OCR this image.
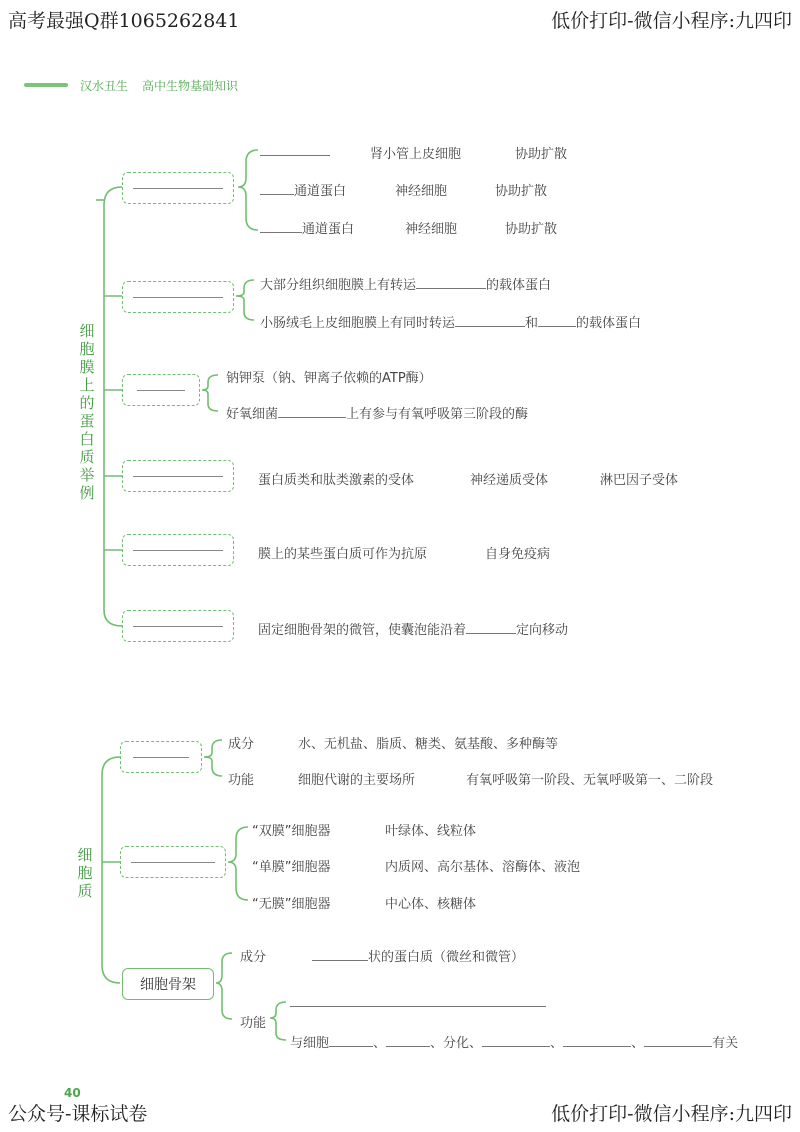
高考最强Q群1065262841	低价打印-微信小程序:九四印
公众号-课标试卷	低价打印-微信小程序:九四印
汉水丑生 高中生物基础知识
细胞膜上的蛋白质举例
肾小管上皮细胞	协助扩散
通道蛋白	神经细胞	协助扩散
通道蛋白	神经细胞	协助扩散
大部分组织细胞膜上有转运	的载体蛋白
小肠绒毛上皮细胞膜上有同时转运	和	的载体蛋白
钠钾泵（钠、钾离子依赖的ATP酶）
好氧细菌	上有参与有氧呼吸第三阶段的酶
蛋白质类和肽类激素的受体	神经递质受体	淋巴因子受体
膜上的某些蛋白质可作为抗原	自身免疫病
固定细胞骨架的微管，使囊泡能沿着	定向移动
细胞质
成分	水、无机盐、脂质、糖类、氨基酸、多种酶等
功能	细胞代谢的主要场所	有氧呼吸第一阶段、无氧呼吸第一、二阶段
“双膜”细胞器	叶绿体、线粒体
“单膜”细胞器	内质网、高尔基体、溶酶体、液泡
“无膜”细胞器	中心体、核糖体
细胞骨架
成分	状的蛋白质（微丝和微管）
功能
与细胞	、	、分化、	、	、	有关
40
